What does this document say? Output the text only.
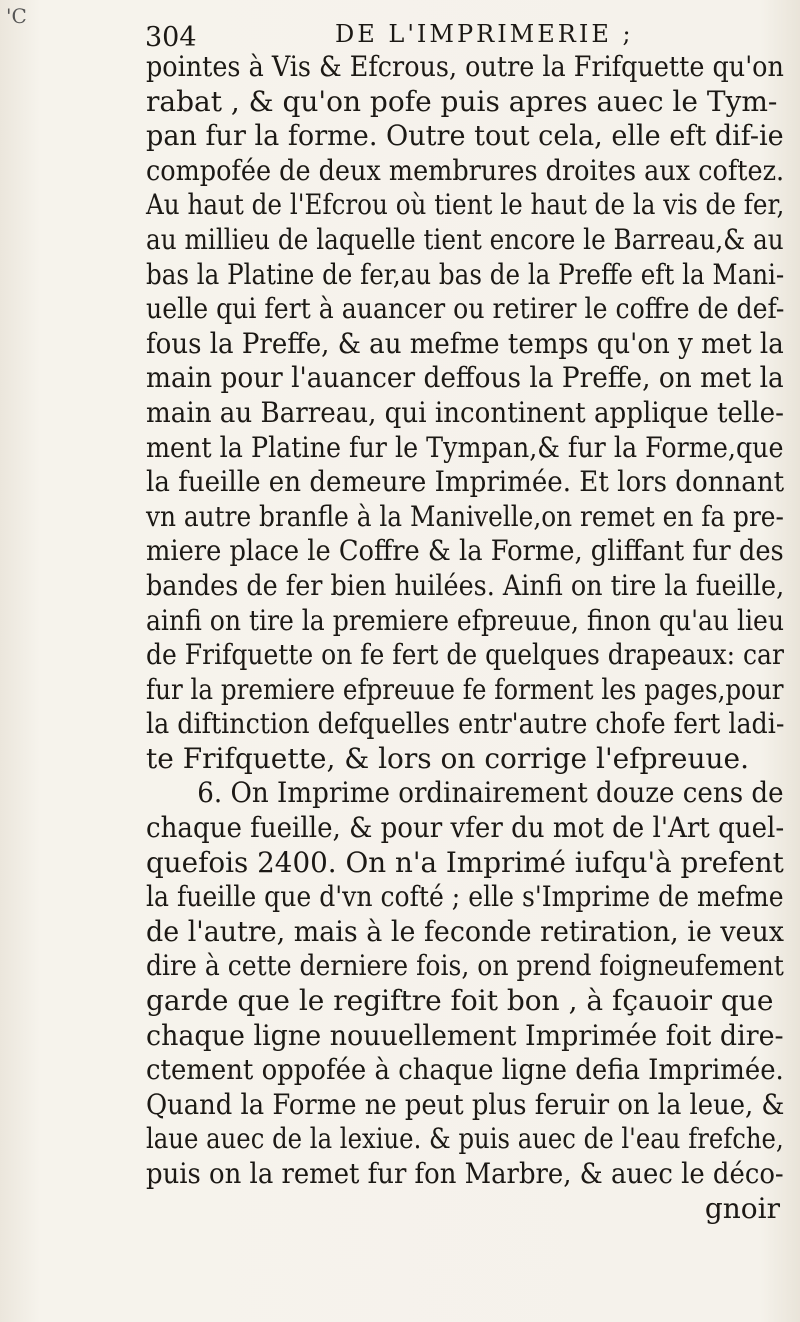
'C
304	DE L'IMPRIMERIE ;
pointes à Vis & Efcrous, outre la Frifquette qu'on
rabat , & qu'on pofe puis apres auec le Tym-
pan fur la forme. Outre tout cela, elle eft dif-ie
compofée de deux membrures droites aux coftez.
Au haut de l'Efcrou où tient le haut de la vis de fer,
au millieu de laquelle tient encore le Barreau,& au
bas la Platine de fer,au bas de la Preffe eft la Mani-
uelle qui fert à auancer ou retirer le coffre de def-
fous la Preffe, & au mefme temps qu'on y met la
main pour l'auancer deffous la Preffe, on met la
main au Barreau, qui incontinent applique telle-
ment la Platine fur le Tympan,& fur la Forme,que
la fueille en demeure Imprimée. Et lors donnant
vn autre branfle à la Manivelle,on remet en fa pre-
miere place le Coffre & la Forme, gliffant fur des
bandes de fer bien huilées. Ainfi on tire la fueille,
ainfi on tire la premiere efpreuue, finon qu'au lieu
de Frifquette on fe fert de quelques drapeaux: car
fur la premiere efpreuue fe forment les pages,pour
la diftinction defquelles entr'autre chofe fert ladi-
te Frifquette, & lors on corrige l'efpreuue.
6. On Imprime ordinairement douze cens de
chaque fueille, & pour vfer du mot de l'Art quel-
quefois 2400. On n'a Imprimé iufqu'à prefent
la fueille que d'vn cofté ; elle s'Imprime de mefme
de l'autre, mais à le feconde retiration, ie veux
dire à cette derniere fois, on prend foigneufement
garde que le regiftre foit bon , à fçauoir que
chaque ligne nouuellement Imprimée foit dire-
ctement oppofée à chaque ligne defia Imprimée.
Quand la Forme ne peut plus feruir on la leue, &
laue auec de la lexiue. & puis auec de l'eau frefche,
puis on la remet fur fon Marbre, & auec le déco-
gnoir
